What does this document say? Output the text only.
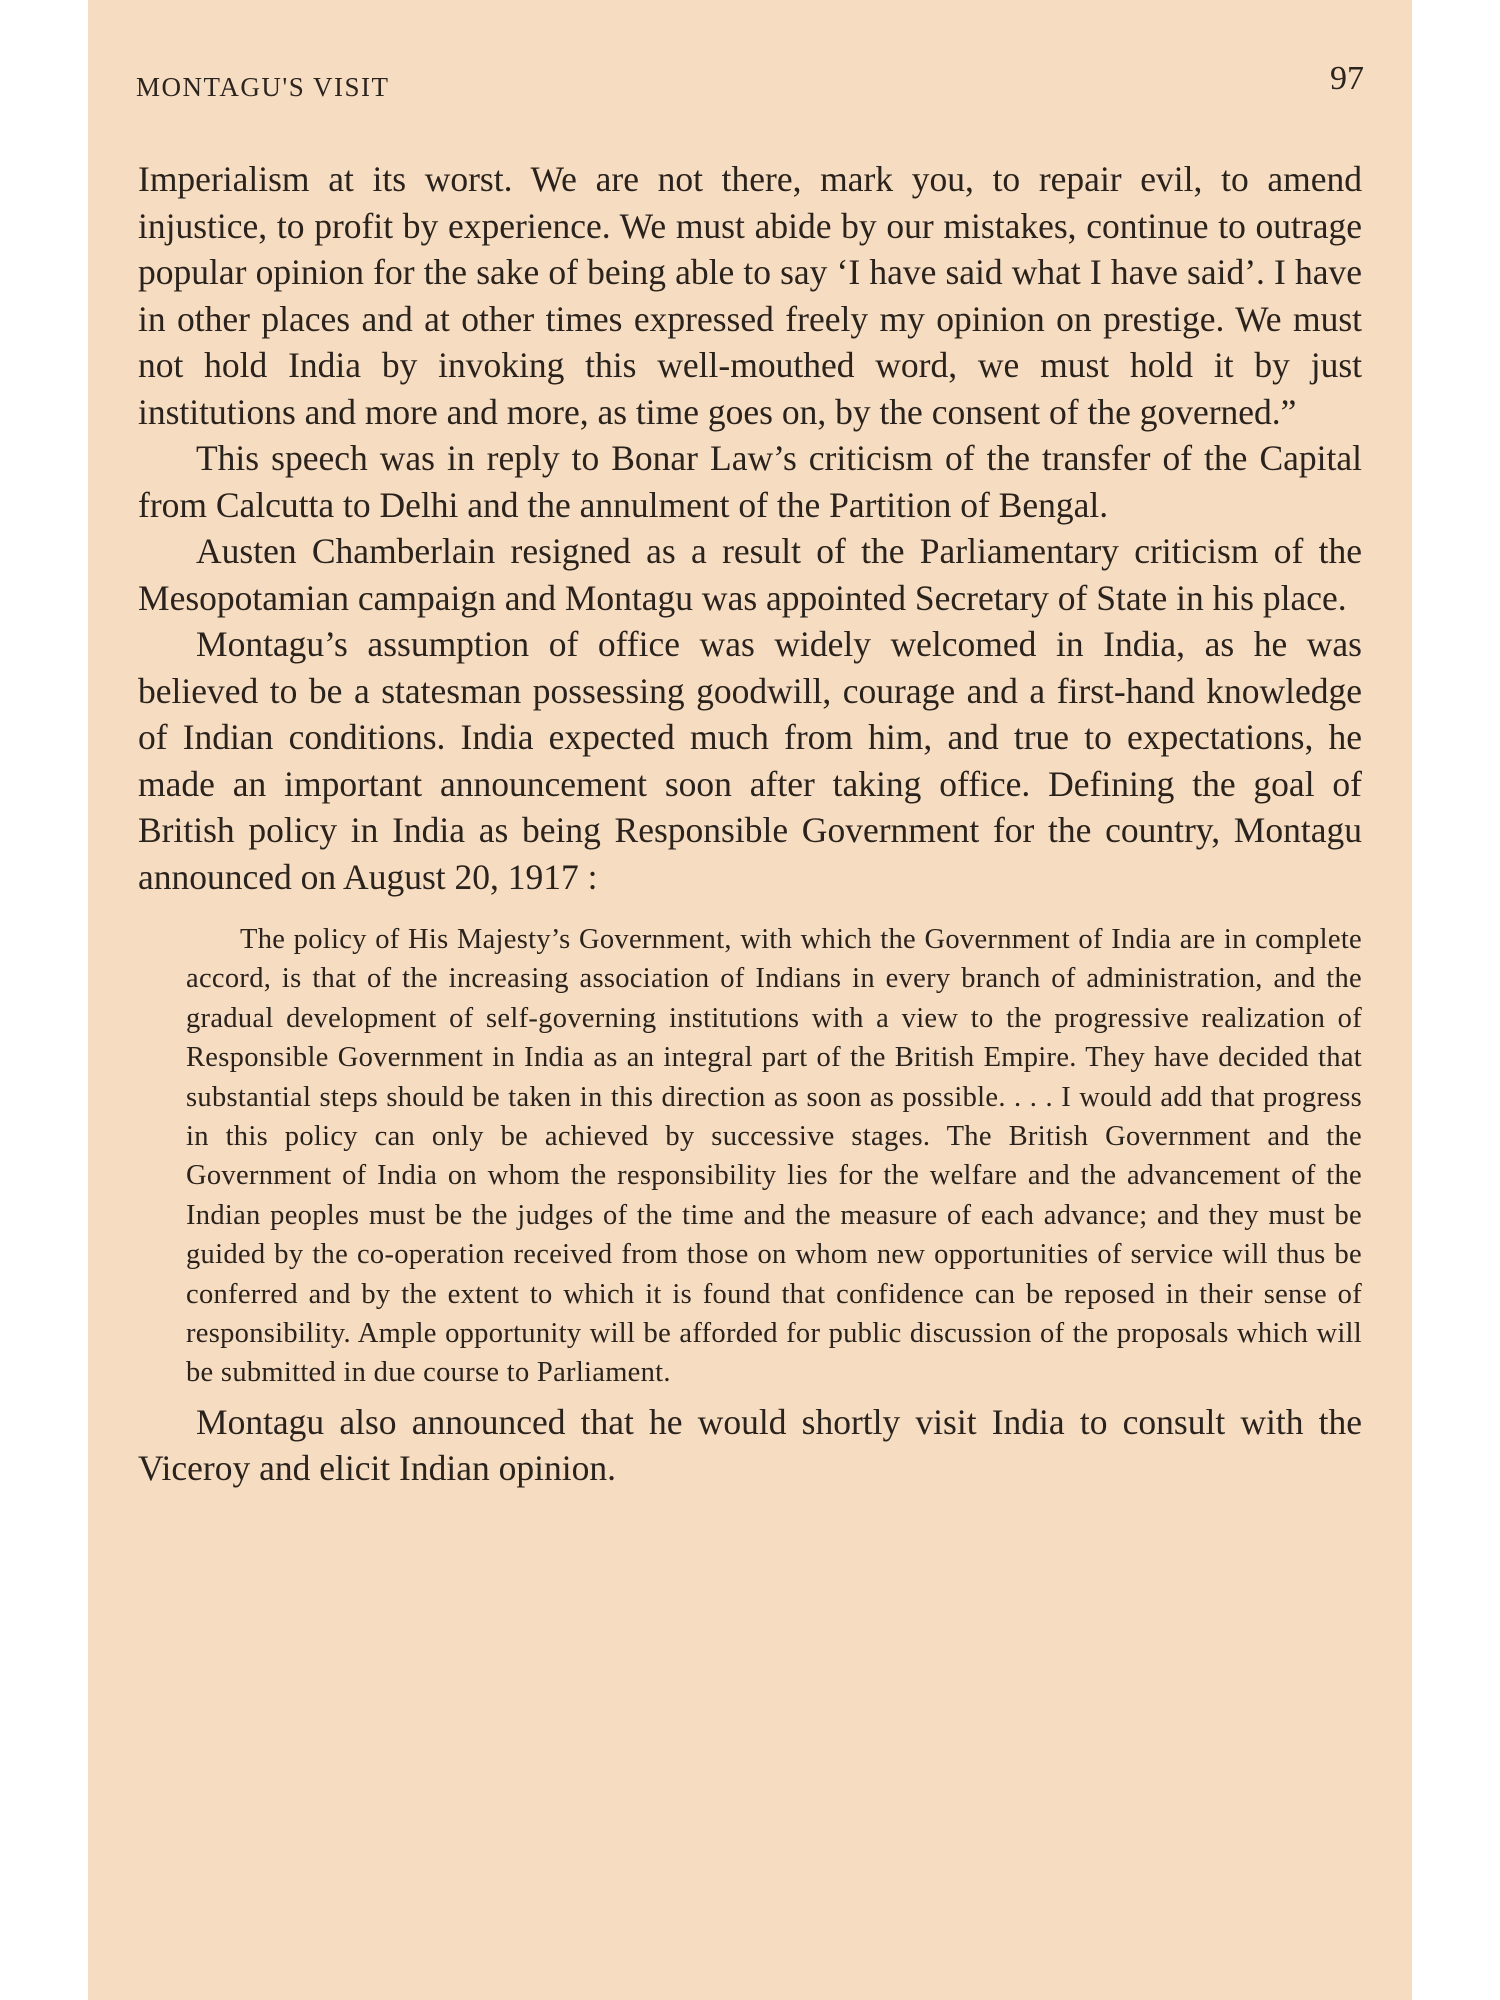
MONTAGU'S VISIT	97

Imperialism at its worst. We are not there, mark you, to repair evil, to amend injustice, to profit by experience. We must abide by our mistakes, continue to outrage popular opinion for the sake of being able to say ‘I have said what I have said’. I have in other places and at other times expressed freely my opinion on prestige. We must not hold India by invoking this well-mouthed word, we must hold it by just institutions and more and more, as time goes on, by the consent of the governed.”

This speech was in reply to Bonar Law’s criticism of the transfer of the Capital from Calcutta to Delhi and the annulment of the Partition of Bengal.

Austen Chamberlain resigned as a result of the Parliamentary criticism of the Mesopotamian campaign and Montagu was appointed Secretary of State in his place.

Montagu’s assumption of office was widely welcomed in India, as he was believed to be a statesman possessing goodwill, courage and a first-hand knowledge of Indian conditions. India expected much from him, and true to expectations, he made an important announcement soon after taking office. Defining the goal of British policy in India as being Responsible Government for the country, Montagu announced on August 20, 1917 :

The policy of His Majesty’s Government, with which the Government of India are in complete accord, is that of the increasing association of Indians in every branch of administration, and the gradual development of self-governing institutions with a view to the progressive realization of Responsible Government in India as an integral part of the British Empire. They have decided that substantial steps should be taken in this direction as soon as possible. . . . I would add that progress in this policy can only be achieved by successive stages. The British Government and the Government of India on whom the responsibility lies for the welfare and the advancement of the Indian peoples must be the judges of the time and the measure of each advance; and they must be guided by the co-operation received from those on whom new opportunities of service will thus be conferred and by the extent to which it is found that confidence can be reposed in their sense of responsibility. Ample opportunity will be afforded for public discussion of the proposals which will be submitted in due course to Parliament.

Montagu also announced that he would shortly visit India to consult with the Viceroy and elicit Indian opinion.
